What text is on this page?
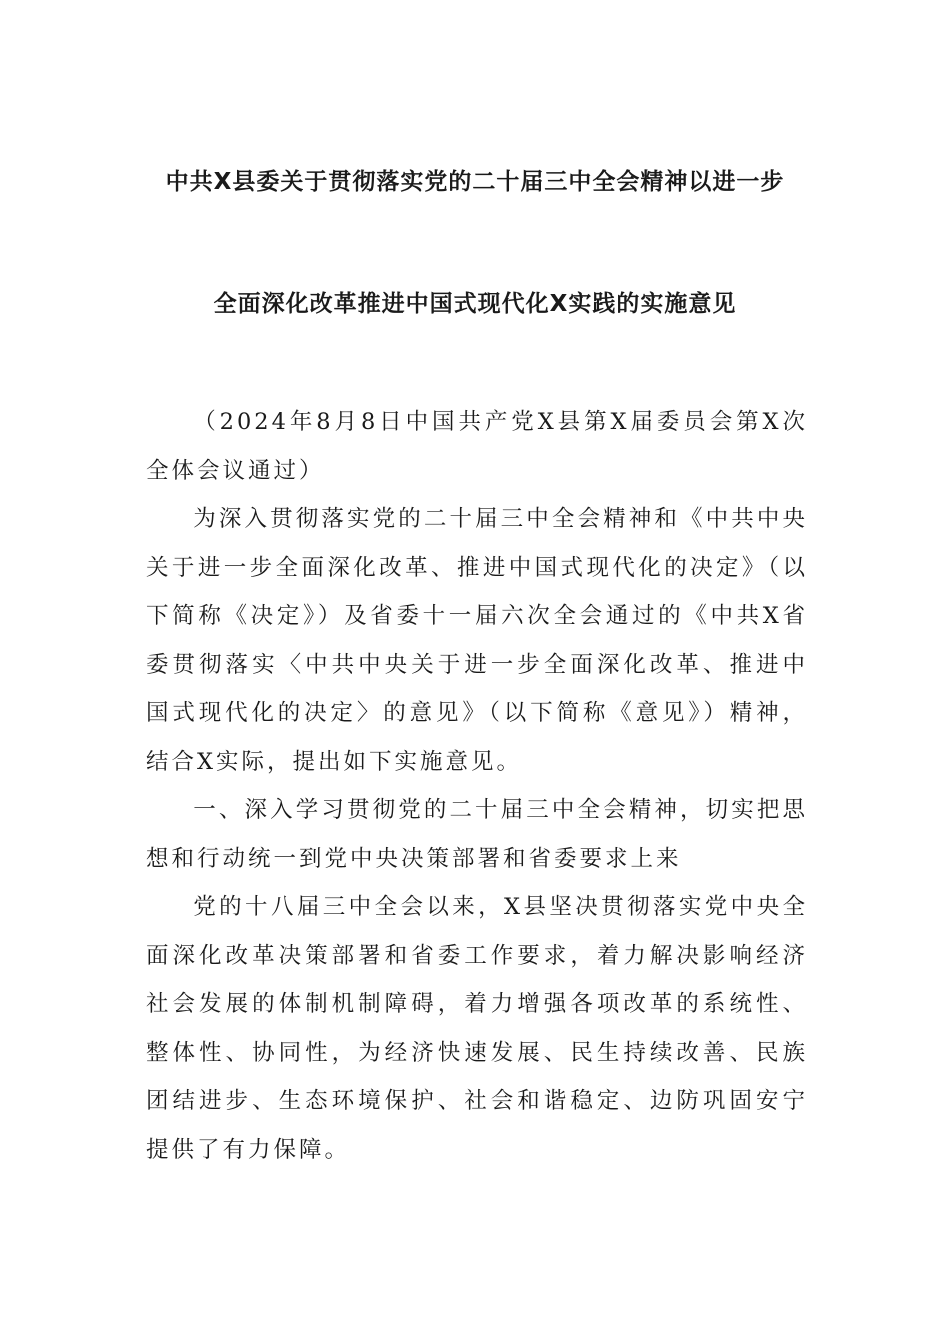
中共X县委关于贯彻落实党的二十届三中全会精神以进一步
全面深化改革推进中国式现代化X实践的实施意见

（2024年8月8日中国共产党X县第X届委员会第X次全体会议通过）

为深入贯彻落实党的二十届三中全会精神和《中共中央关于进一步全面深化改革、推进中国式现代化的决定》（以下简称《决定》）及省委十一届六次全会通过的《中共X省委贯彻落实〈中共中央关于进一步全面深化改革、推进中国式现代化的决定〉的意见》（以下简称《意见》）精神，结合X实际，提出如下实施意见。

一、深入学习贯彻党的二十届三中全会精神，切实把思想和行动统一到党中央决策部署和省委要求上来

党的十八届三中全会以来，X县坚决贯彻落实党中央全面深化改革决策部署和省委工作要求，着力解决影响经济社会发展的体制机制障碍，着力增强各项改革的系统性、整体性、协同性，为经济快速发展、民生持续改善、民族团结进步、生态环境保护、社会和谐稳定、边防巩固安宁提供了有力保障。
